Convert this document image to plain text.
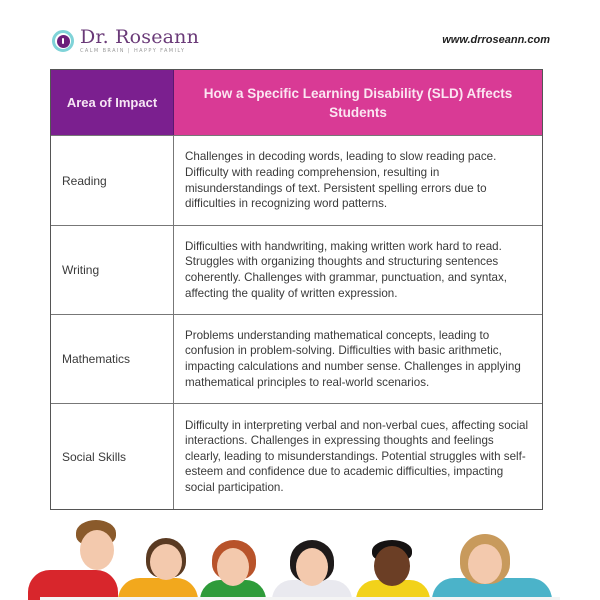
Dr. Roseann
CALM BRAIN | HAPPY FAMILY
www.drroseann.com
Area of Impact
How a Specific Learning Disability (SLD) Affects Students
Reading
Challenges in decoding words, leading to slow reading pace. Difficulty with reading comprehension, resulting in misunderstandings of text. Persistent spelling errors due to difficulties in recognizing word patterns.
Writing
Difficulties with handwriting, making written work hard to read. Struggles with organizing thoughts and structuring sentences coherently. Challenges with grammar, punctuation, and syntax, affecting the quality of written expression.
Mathematics
Problems understanding mathematical concepts, leading to confusion in problem-solving. Difficulties with basic arithmetic, impacting calculations and number sense. Challenges in applying mathematical principles to real-world scenarios.
Social Skills
Difficulty in interpreting verbal and non-verbal cues, affecting social interactions. Challenges in expressing thoughts and feelings clearly, leading to misunderstandings. Potential struggles with self-esteem and confidence due to academic difficulties, impacting social participation.
